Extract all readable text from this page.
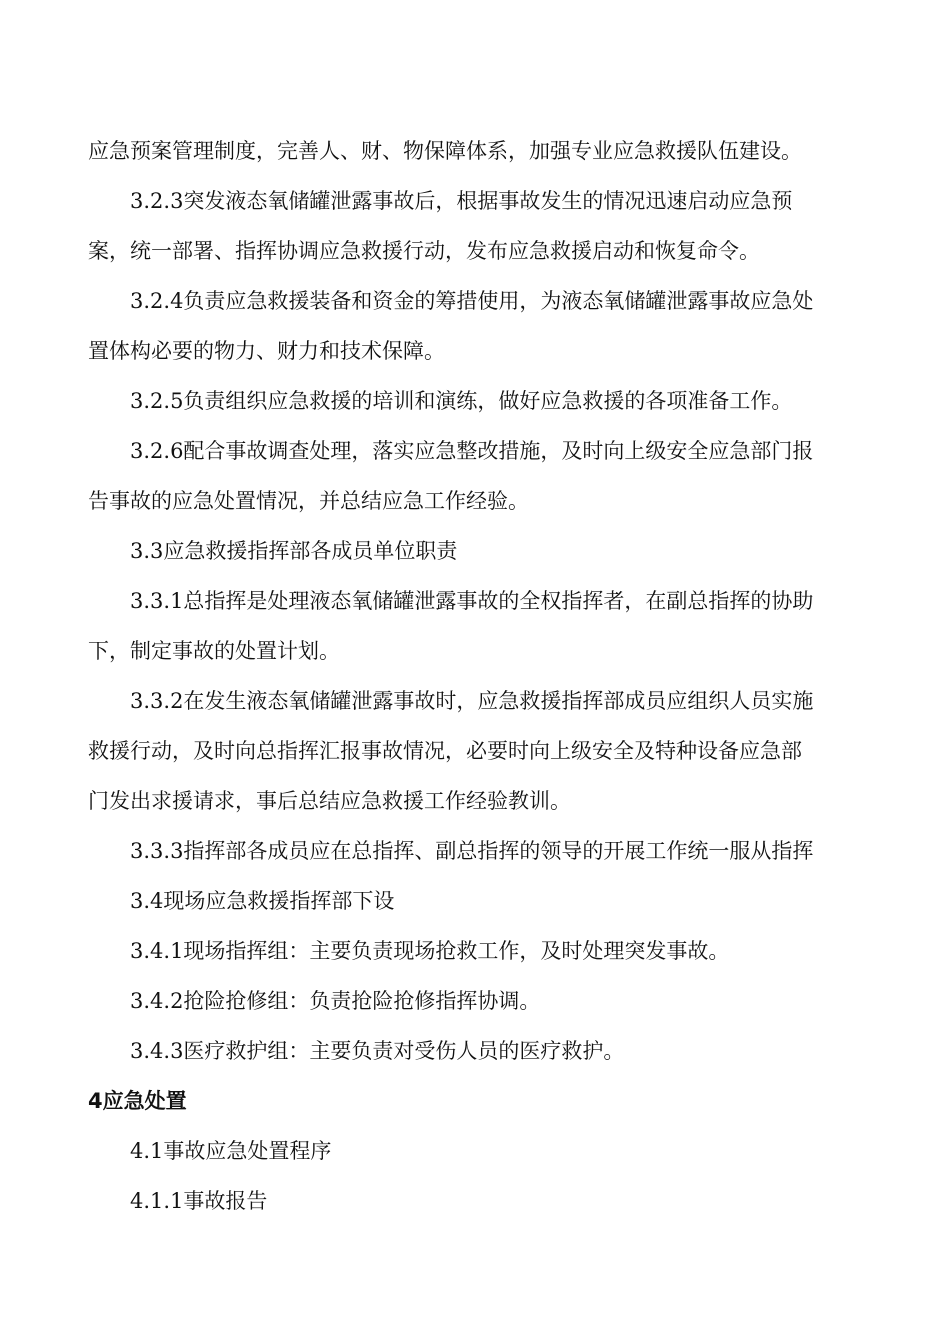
应急预案管理制度，完善人、财、物保障体系，加强专业应急救援队伍建设。
3.2.3突发液态氧储罐泄露事故后，根据事故发生的情况迅速启动应急预
案，统一部署、指挥协调应急救援行动，发布应急救援启动和恢复命令。
3.2.4负责应急救援装备和资金的筹措使用，为液态氧储罐泄露事故应急处
置体构必要的物力、财力和技术保障。
3.2.5负责组织应急救援的培训和演练，做好应急救援的各项准备工作。
3.2.6配合事故调查处理，落实应急整改措施，及时向上级安全应急部门报
告事故的应急处置情况，并总结应急工作经验。
3.3应急救援指挥部各成员单位职责
3.3.1总指挥是处理液态氧储罐泄露事故的全权指挥者，在副总指挥的协助
下，制定事故的处置计划。
3.3.2在发生液态氧储罐泄露事故时，应急救援指挥部成员应组织人员实施
救援行动，及时向总指挥汇报事故情况，必要时向上级安全及特种设备应急部
门发出求援请求，事后总结应急救援工作经验教训。
3.3.3指挥部各成员应在总指挥、副总指挥的领导的开展工作统一服从指挥
3.4现场应急救援指挥部下设
3.4.1现场指挥组：主要负责现场抢救工作，及时处理突发事故。
3.4.2抢险抢修组：负责抢险抢修指挥协调。
3.4.3医疗救护组：主要负责对受伤人员的医疗救护。
4应急处置
4.1事故应急处置程序
4.1.1事故报告
